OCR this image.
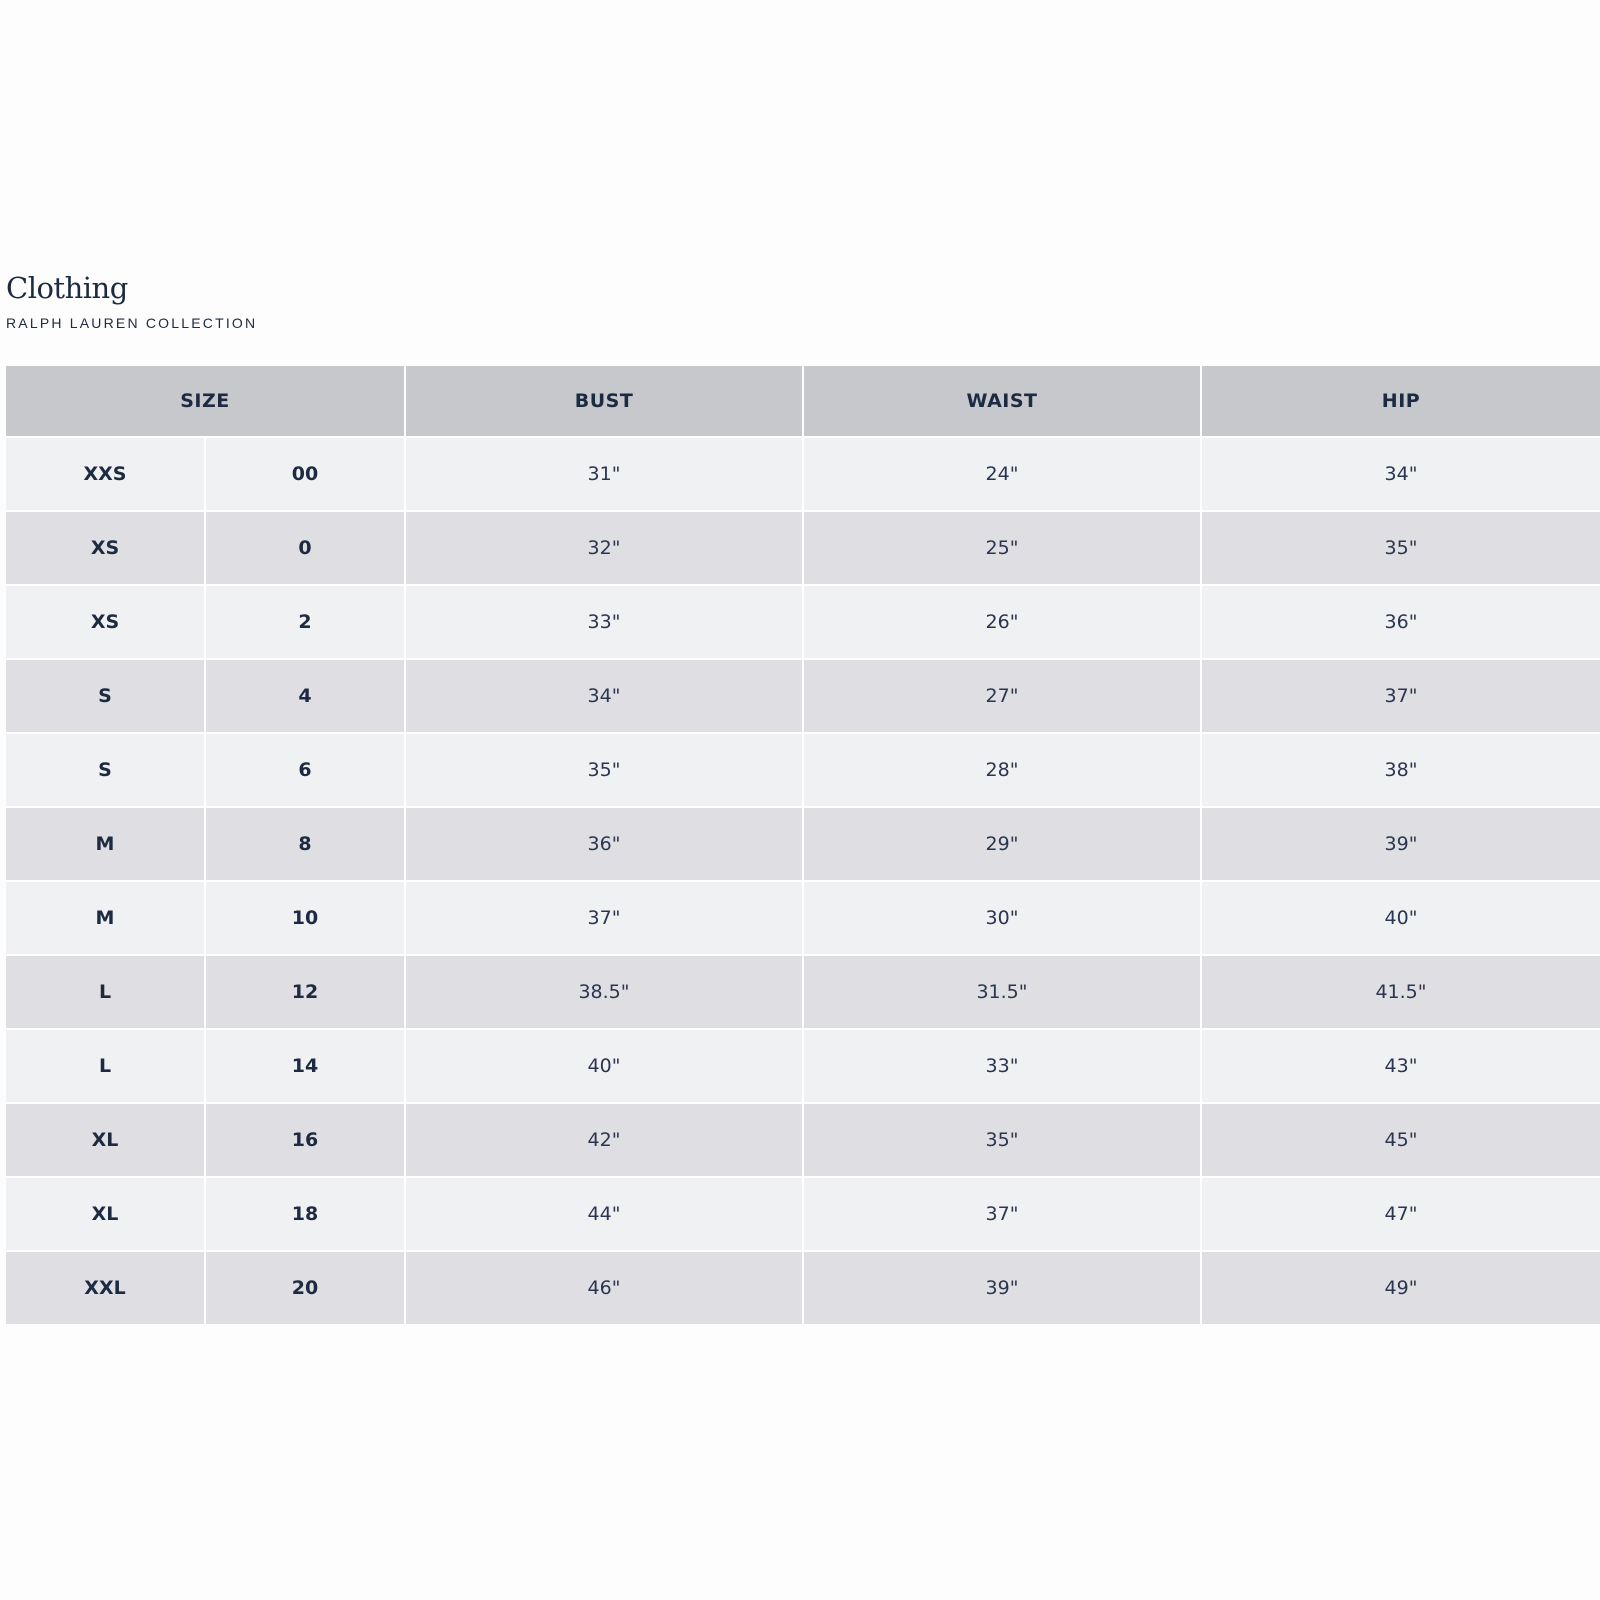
Clothing
RALPH LAUREN COLLECTION
SIZE	BUST	WAIST	HIP
XXS	00	31"	24"	34"
XS	0	32"	25"	35"
XS	2	33"	26"	36"
S	4	34"	27"	37"
S	6	35"	28"	38"
M	8	36"	29"	39"
M	10	37"	30"	40"
L	12	38.5"	31.5"	41.5"
L	14	40"	33"	43"
XL	16	42"	35"	45"
XL	18	44"	37"	47"
XXL	20	46"	39"	49"
